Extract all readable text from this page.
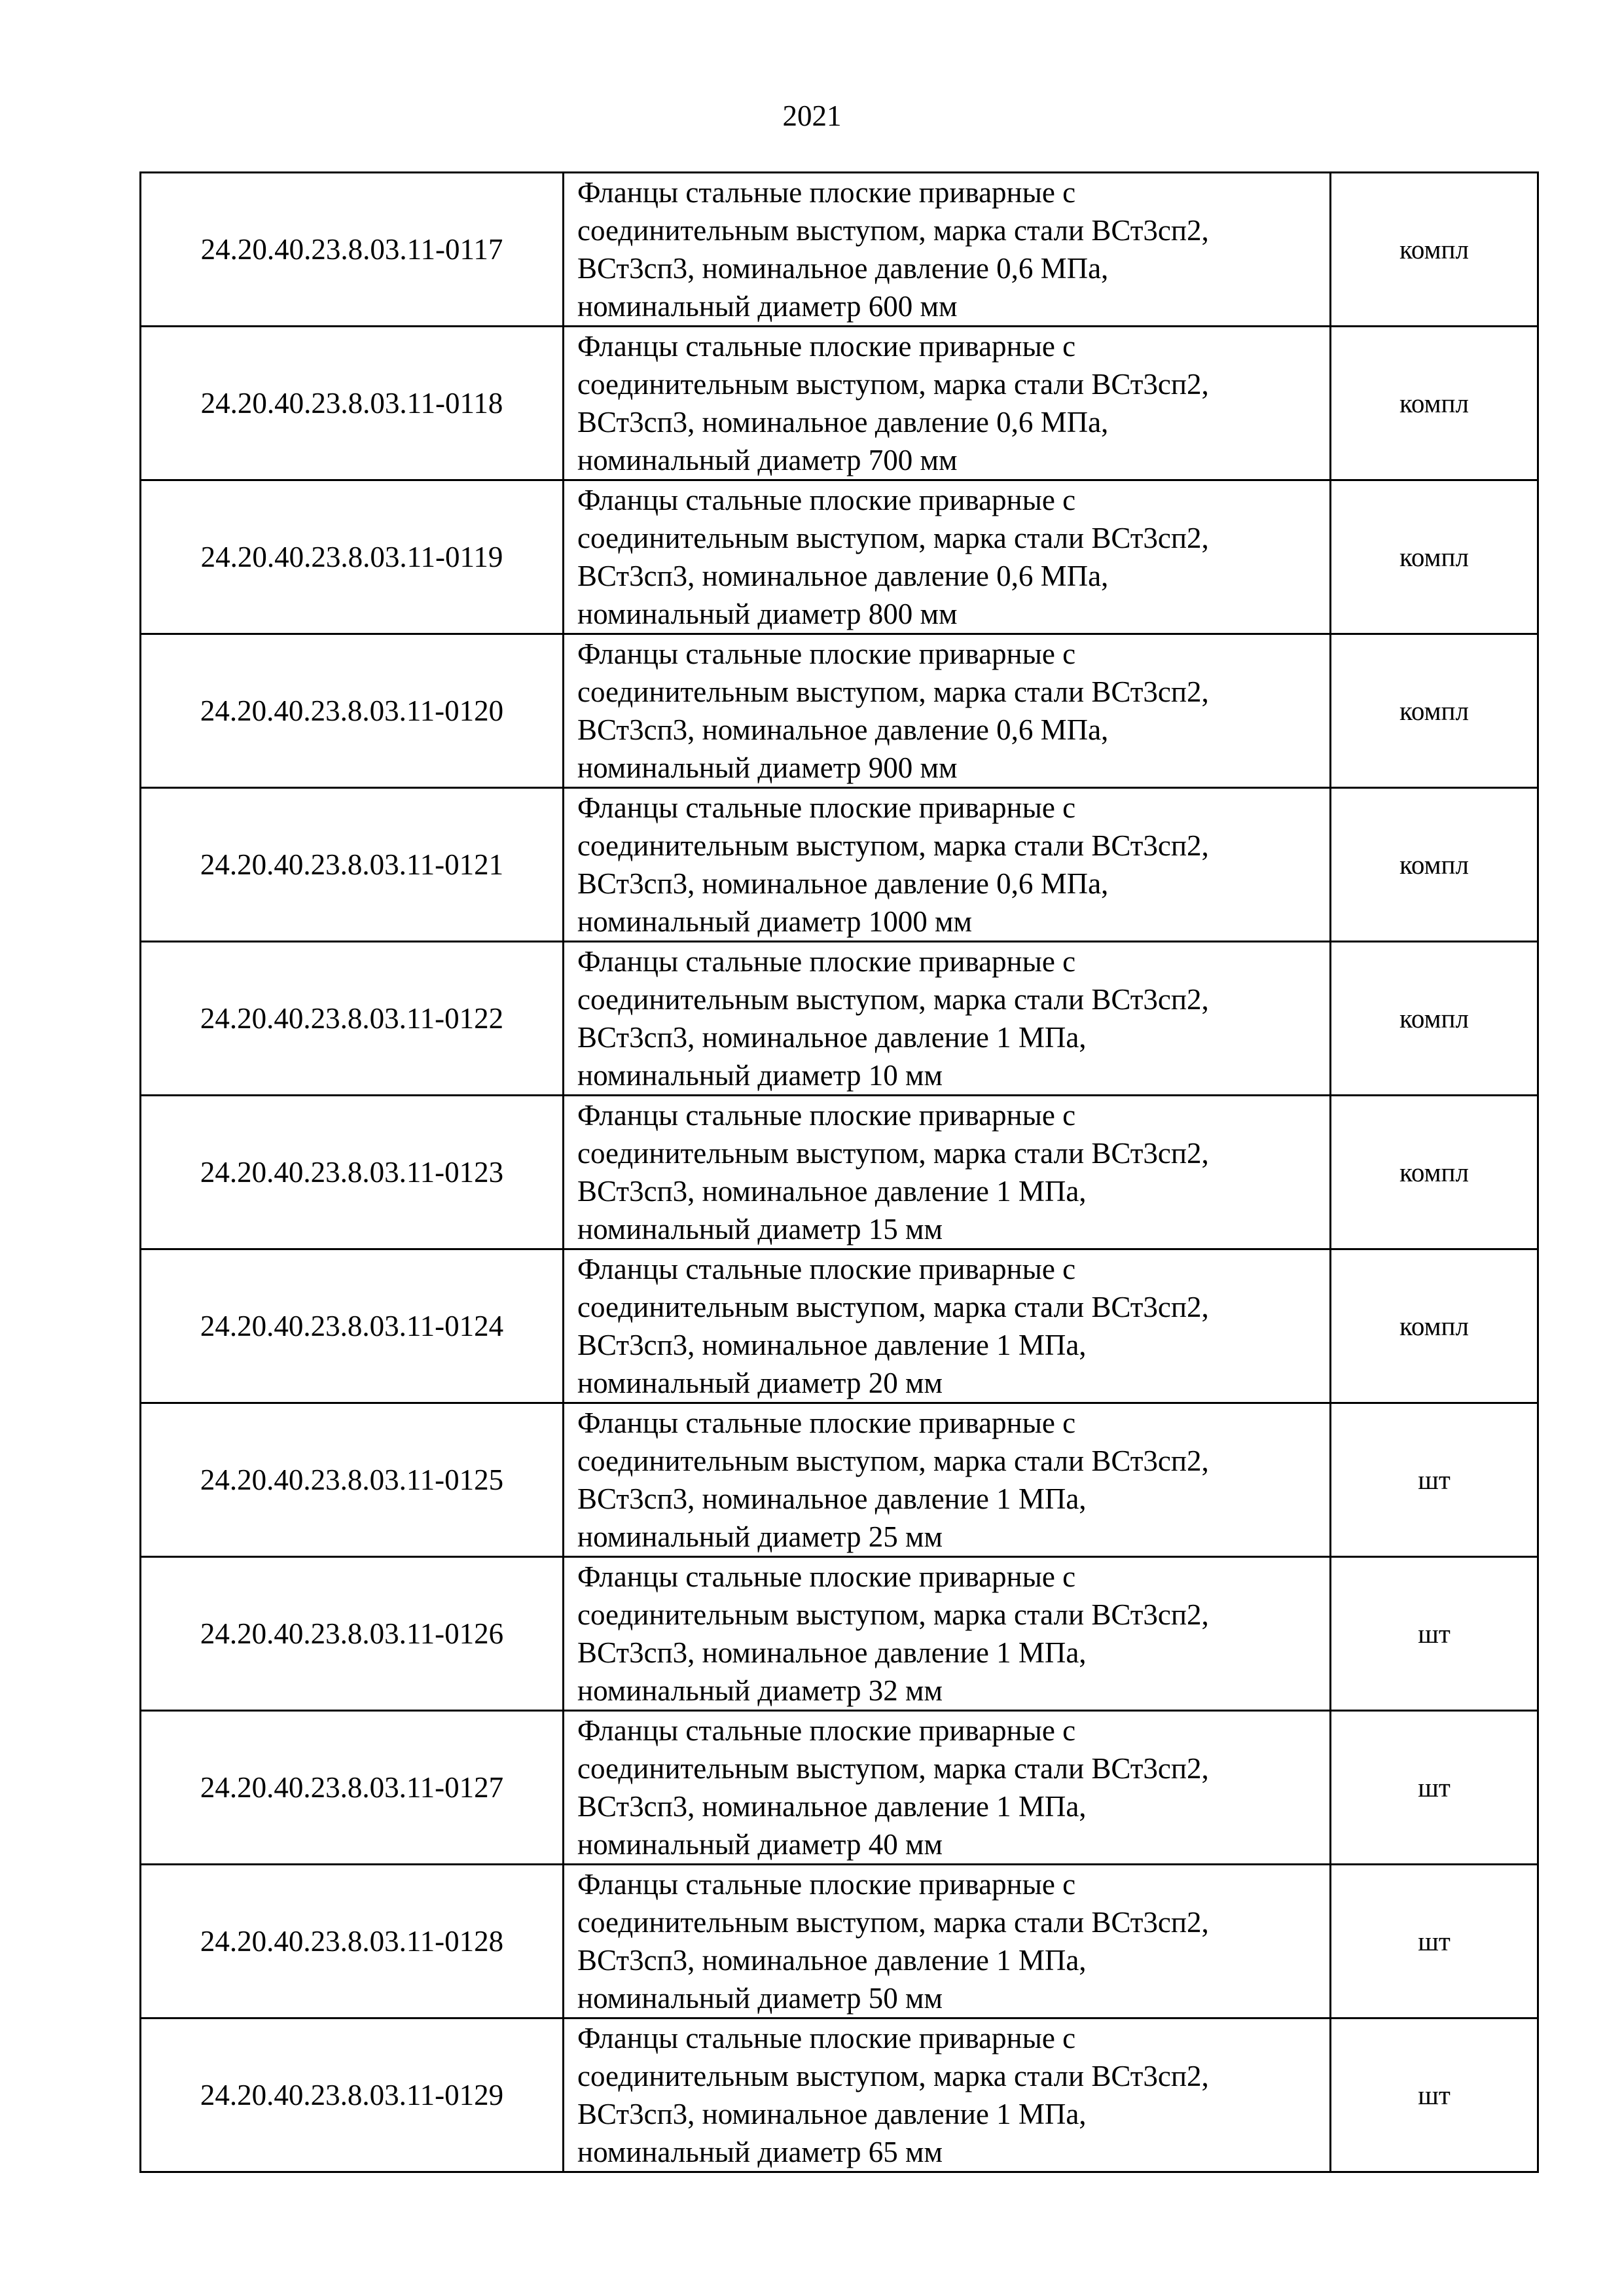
2021
24.20.40.23.8.03.11-0117	Фланцы стальные плоские приварные с
соединительным выступом, марка стали ВСт3сп2,
ВСт3сп3, номинальное давление 0,6 МПа,
номинальный диаметр 600 мм	компл
24.20.40.23.8.03.11-0118	Фланцы стальные плоские приварные с
соединительным выступом, марка стали ВСт3сп2,
ВСт3сп3, номинальное давление 0,6 МПа,
номинальный диаметр 700 мм	компл
24.20.40.23.8.03.11-0119	Фланцы стальные плоские приварные с
соединительным выступом, марка стали ВСт3сп2,
ВСт3сп3, номинальное давление 0,6 МПа,
номинальный диаметр 800 мм	компл
24.20.40.23.8.03.11-0120	Фланцы стальные плоские приварные с
соединительным выступом, марка стали ВСт3сп2,
ВСт3сп3, номинальное давление 0,6 МПа,
номинальный диаметр 900 мм	компл
24.20.40.23.8.03.11-0121	Фланцы стальные плоские приварные с
соединительным выступом, марка стали ВСт3сп2,
ВСт3сп3, номинальное давление 0,6 МПа,
номинальный диаметр 1000 мм	компл
24.20.40.23.8.03.11-0122	Фланцы стальные плоские приварные с
соединительным выступом, марка стали ВСт3сп2,
ВСт3сп3, номинальное давление 1 МПа,
номинальный диаметр 10 мм	компл
24.20.40.23.8.03.11-0123	Фланцы стальные плоские приварные с
соединительным выступом, марка стали ВСт3сп2,
ВСт3сп3, номинальное давление 1 МПа,
номинальный диаметр 15 мм	компл
24.20.40.23.8.03.11-0124	Фланцы стальные плоские приварные с
соединительным выступом, марка стали ВСт3сп2,
ВСт3сп3, номинальное давление 1 МПа,
номинальный диаметр 20 мм	компл
24.20.40.23.8.03.11-0125	Фланцы стальные плоские приварные с
соединительным выступом, марка стали ВСт3сп2,
ВСт3сп3, номинальное давление 1 МПа,
номинальный диаметр 25 мм	шт
24.20.40.23.8.03.11-0126	Фланцы стальные плоские приварные с
соединительным выступом, марка стали ВСт3сп2,
ВСт3сп3, номинальное давление 1 МПа,
номинальный диаметр 32 мм	шт
24.20.40.23.8.03.11-0127	Фланцы стальные плоские приварные с
соединительным выступом, марка стали ВСт3сп2,
ВСт3сп3, номинальное давление 1 МПа,
номинальный диаметр 40 мм	шт
24.20.40.23.8.03.11-0128	Фланцы стальные плоские приварные с
соединительным выступом, марка стали ВСт3сп2,
ВСт3сп3, номинальное давление 1 МПа,
номинальный диаметр 50 мм	шт
24.20.40.23.8.03.11-0129	Фланцы стальные плоские приварные с
соединительным выступом, марка стали ВСт3сп2,
ВСт3сп3, номинальное давление 1 МПа,
номинальный диаметр 65 мм	шт
